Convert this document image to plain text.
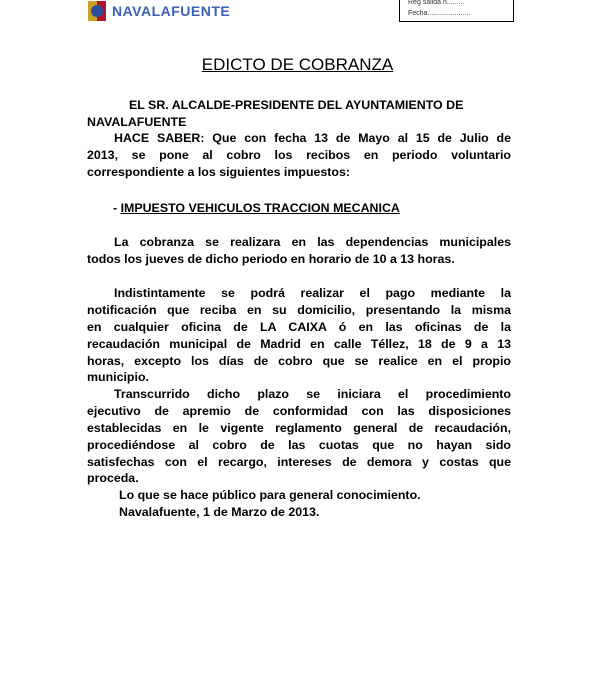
NAVALAFUENTE
Reg salida n.........
Fecha......................
EDICTO DE COBRANZA
EL SR. ALCALDE-PRESIDENTE DEL AYUNTAMIENTO DE
NAVALAFUENTE
HACE SABER: Que con fecha 13 de Mayo al 15 de Julio de
2013, se pone al cobro los recibos en periodo voluntario
correspondiente a los siguientes impuestos:
- IMPUESTO VEHICULOS TRACCION MECANICA
La cobranza se realizara en las dependencias municipales
todos los jueves de dicho periodo en horario de 10 a 13 horas.
Indistintamente se podrá realizar el pago mediante la
notificación que reciba en su domicilio, presentando la misma
en cualquier oficina de LA CAIXA ó en las oficinas de la
recaudación municipal de Madrid en calle Téllez, 18 de 9 a 13
horas, excepto los días de cobro que se realice en el propio
municipio.
Transcurrido dicho plazo se iniciara el procedimiento
ejecutivo de apremio de conformidad con las disposiciones
establecidas en le vigente reglamento general de recaudación,
procediéndose al cobro de las cuotas que no hayan sido
satisfechas con el recargo, intereses de demora y costas que
proceda.
Lo que se hace público para general conocimiento.
Navalafuente, 1 de Marzo de 2013.
